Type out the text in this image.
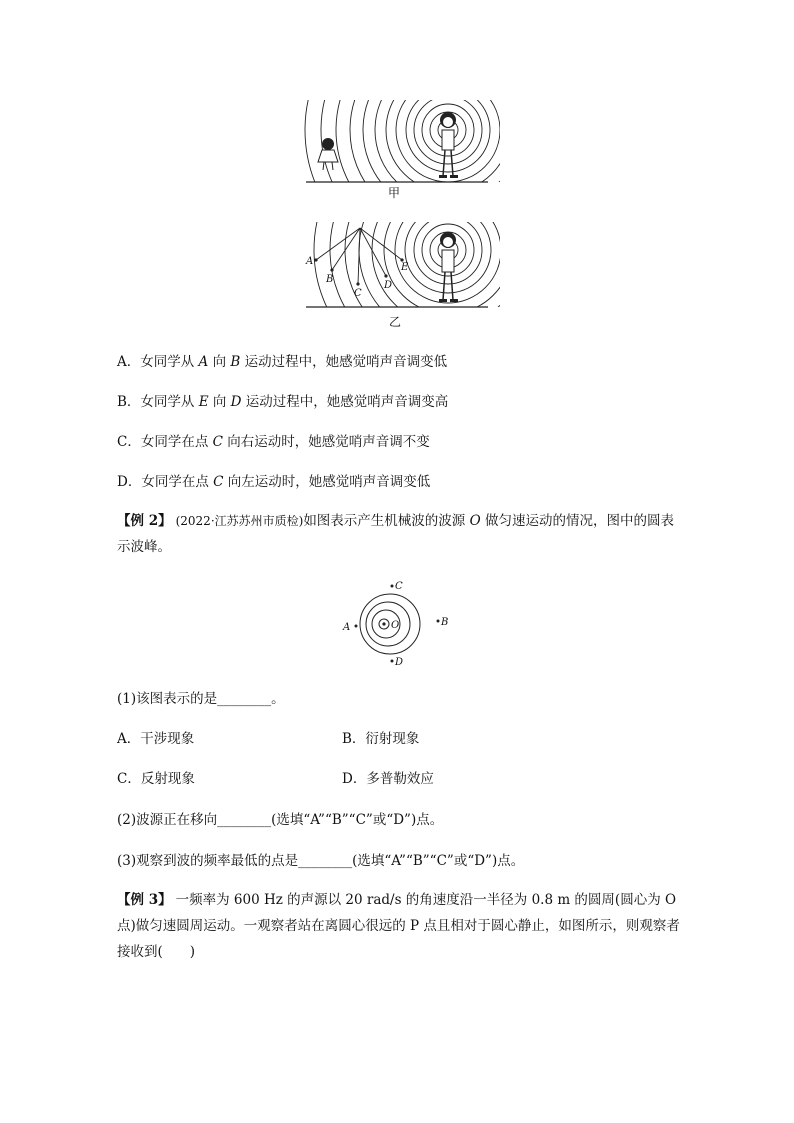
甲
A
B
C
D
E
乙
A．女同学从 A 向 B 运动过程中，她感觉哨声音调变低
B．女同学从 E 向 D 运动过程中，她感觉哨声音调变高
C．女同学在点 C 向右运动时，她感觉哨声音调不变
D．女同学在点 C 向左运动时，她感觉哨声音调变低
【例 2】 (2022·江苏苏州市质检)如图表示产生机械波的波源 O 做匀速运动的情况，图中的圆表示波峰。
A	B
C
D
O
(1)该图表示的是________。
A．干涉现象	B．衍射现象
C．反射现象	D．多普勒效应
(2)波源正在移向________(选填“A”“B”“C”或“D”)点。
(3)观察到波的频率最低的点是________(选填“A”“B”“C”或“D”)点。
【例 3】 一频率为 600 Hz 的声源以 20 rad/s 的角速度沿一半径为 0.8 m 的圆周(圆心为 O 点)做匀速圆周运动。一观察者站在离圆心很远的 P 点且相对于圆心静止，如图所示，则观察者接收到(　　)
